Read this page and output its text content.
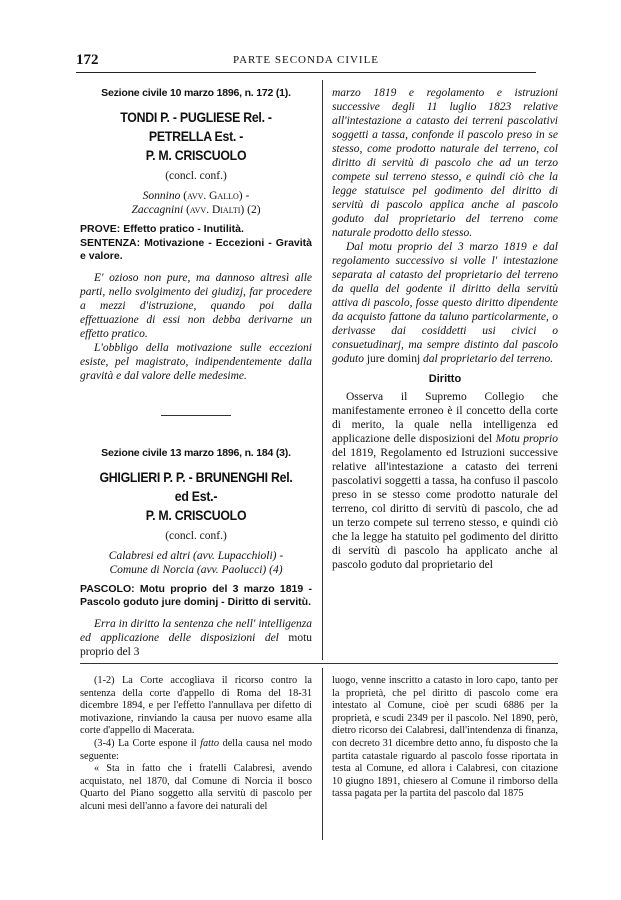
172	PARTE SECONDA CIVILE
Sezione civile 10 marzo 1896, n. 172 (1).
TONDI P. - PUGLIESE Rel. - PETRELLA Est. -
P. M. CRISCUOLO
(concl. conf.)
Sonnino (avv. Gallo) -
Zaccagnini (avv. Dialti) (2)

PROVE: Effetto pratico - Inutilità.

SENTENZA: Motivazione - Eccezioni - Gravità e valore.

E' ozioso non pure, ma dannoso altresì alle parti, nello svolgimento dei giudizj, far procedere a mezzi d'istruzione, quando poi dalla effettuazione di essi non debba derivarne un effetto pratico.

L'obbligo della motivazione sulle eccezioni esiste, pel magistrato, indipendentemente dalla gravità e dal valore delle medesime.

Sezione civile 13 marzo 1896, n. 184 (3).
GHIGLIERI P. P. - BRUNENGHI Rel. ed Est.-
P. M. CRISCUOLO
(concl. conf.)
Calabresi ed altri (avv. Lupacchioli) -
Comune di Norcia (avv. Paolucci) (4)

PASCOLO: Motu proprio del 3 marzo 1819 - Pascolo goduto jure dominj - Diritto di servitù.

Erra in diritto la sentenza che nell' intelligenza ed applicazione delle disposizioni del motu proprio del 3

marzo 1819 e regolamento e istruzioni successive degli 11 luglio 1823 relative all'intestazione a catasto dei terreni pascolativi soggetti a tassa, confonde il pascolo preso in se stesso, come prodotto naturale del terreno, col diritto di servitù di pascolo che ad un terzo compete sul terreno stesso, e quindi ciò che la legge statuisce pel godimento del diritto di servitù di pascolo applica anche al pascolo goduto dal proprietario del terreno come naturale prodotto dello stesso.

Dal motu proprio del 3 marzo 1819 e dal regolamento successivo si volle l' intestazione separata al catasto del proprietario del terreno da quella del godente il diritto della servitù attiva di pascolo, fosse questo diritto dipendente da acquisto fattone da taluno particolarmente, o derivasse dai cosiddetti usi civici o consuetudinarj, ma sempre distinto dal pascolo goduto jure dominj dal proprietario del terreno.

Diritto

Osserva il Supremo Collegio che manifestamente erroneo è il concetto della corte di merito, la quale nella intelligenza ed applicazione delle disposizioni del Motu proprio del 1819, Regolamento ed Istruzioni successive relative all'intestazione a catasto dei terreni pascolativi soggetti a tassa, ha confuso il pascolo preso in se stesso come prodotto naturale del terreno, col diritto di servitù di pascolo, che ad un terzo compete sul terreno stesso, e quindi ciò che la legge ha statuito pel godimento del diritto di servitù di pascolo ha applicato anche al pascolo goduto dal proprietario del

(1-2) La Corte accogliava il ricorso contro la sentenza della corte d'appello di Roma del 18-31 dicembre 1894, e per l'effetto l'annullava per difetto di motivazione, rinviando la causa per nuovo esame alla corte d'appello di Macerata.

(3-4) La Corte espone il fatto della causa nel modo seguente:

« Sta in fatto che i fratelli Calabresi, avendo acquistato, nel 1870, dal Comune di Norcia il bosco Quarto del Piano soggetto alla servitù di pascolo per alcuni mesi dell'anno a favore dei naturali del

luogo, venne inscritto a catasto in loro capo, tanto per la proprietà, che pel diritto di pascolo come era intestato al Comune, cioè per scudi 6886 per la proprietà, e scudi 2349 per il pascolo. Nel 1890, però, dietro ricorso dei Calabresi, dall'intendenza di finanza, con decreto 31 dicembre detto anno, fu disposto che la partita catastale riguardo al pascolo fosse riportata in testa al Comune, ed allora i Calabresi, con citazione 10 giugno 1891, chiesero al Comune il rimborso della tassa pagata per la partita del pascolo dal 1875
